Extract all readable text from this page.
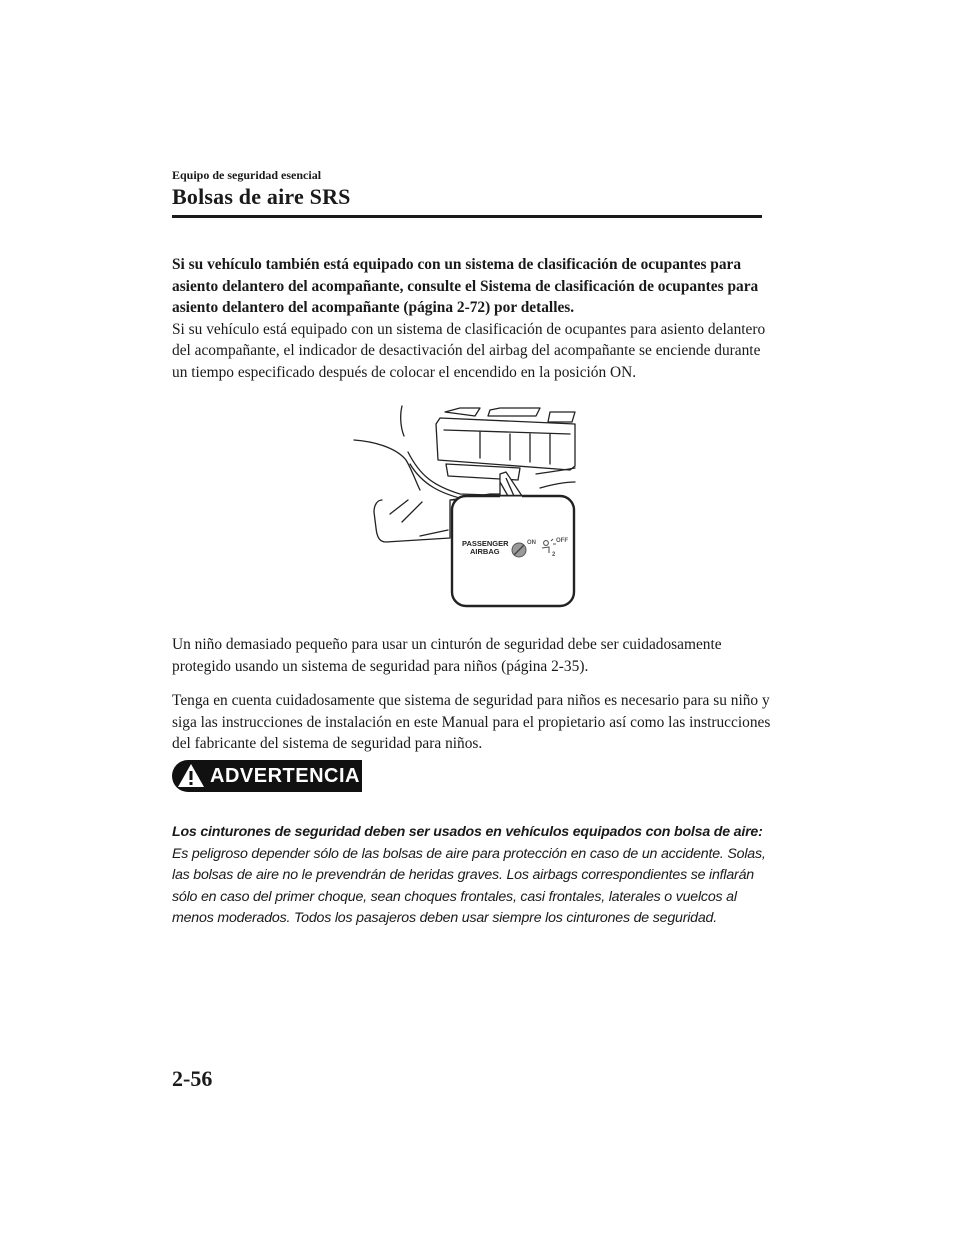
Equipo de seguridad esencial
Bolsas de aire SRS
Si su vehículo también está equipado con un sistema de clasificación de ocupantes para asiento delantero del acompañante, consulte el Sistema de clasificación de ocupantes para asiento delantero del acompañante (página 2-72) por detalles.
Si su vehículo está equipado con un sistema de clasificación de ocupantes para asiento delantero del acompañante, el indicador de desactivación del airbag del acompañante se enciende durante un tiempo especificado después de colocar el encendido en la posición ON.
PASSENGER
AIRBAG
ON	OFF
2
Un niño demasiado pequeño para usar un cinturón de seguridad debe ser cuidadosamente protegido usando un sistema de seguridad para niños (página 2-35).
Tenga en cuenta cuidadosamente que sistema de seguridad para niños es necesario para su niño y siga las instrucciones de instalación en este Manual para el propietario así como las instrucciones del fabricante del sistema de seguridad para niños.
ADVERTENCIA
Los cinturones de seguridad deben ser usados en vehículos equipados con bolsa de aire:
Es peligroso depender sólo de las bolsas de aire para protección en caso de un accidente. Solas, las bolsas de aire no le prevendrán de heridas graves. Los airbags correspondientes se inflarán sólo en caso del primer choque, sean choques frontales, casi frontales, laterales o vuelcos al menos moderados. Todos los pasajeros deben usar siempre los cinturones de seguridad.
2-56
